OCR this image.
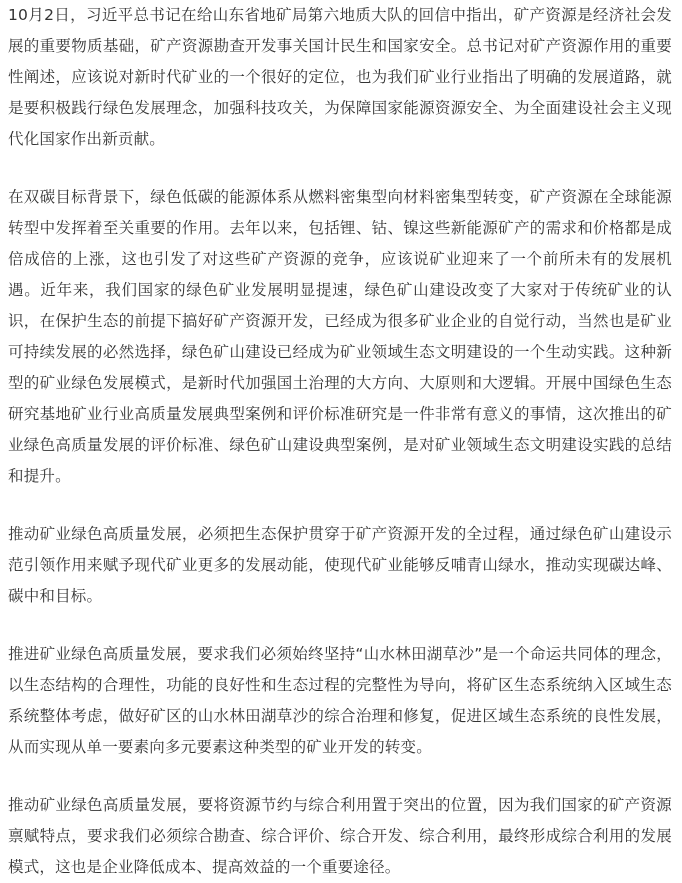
10月2日，习近平总书记在给山东省地矿局第六地质大队的回信中指出，矿产资源是经济社会发展的重要物质基础，矿产资源勘查开发事关国计民生和国家安全。总书记对矿产资源作用的重要性阐述，应该说对新时代矿业的一个很好的定位，也为我们矿业行业指出了明确的发展道路，就是要积极践行绿色发展理念，加强科技攻关，为保障国家能源资源安全、为全面建设社会主义现代化国家作出新贡献。

在双碳目标背景下，绿色低碳的能源体系从燃料密集型向材料密集型转变，矿产资源在全球能源转型中发挥着至关重要的作用。去年以来，包括锂、钴、镍这些新能源矿产的需求和价格都是成倍成倍的上涨，这也引发了对这些矿产资源的竞争，应该说矿业迎来了一个前所未有的发展机遇。近年来，我们国家的绿色矿业发展明显提速，绿色矿山建设改变了大家对于传统矿业的认识，在保护生态的前提下搞好矿产资源开发，已经成为很多矿业企业的自觉行动，当然也是矿业可持续发展的必然选择，绿色矿山建设已经成为矿业领域生态文明建设的一个生动实践。这种新型的矿业绿色发展模式，是新时代加强国土治理的大方向、大原则和大逻辑。开展中国绿色生态研究基地矿业行业高质量发展典型案例和评价标准研究是一件非常有意义的事情，这次推出的矿业绿色高质量发展的评价标准、绿色矿山建设典型案例，是对矿业领域生态文明建设实践的总结和提升。

推动矿业绿色高质量发展，必须把生态保护贯穿于矿产资源开发的全过程，通过绿色矿山建设示范引领作用来赋予现代矿业更多的发展动能，使现代矿业能够反哺青山绿水，推动实现碳达峰、碳中和目标。

推进矿业绿色高质量发展，要求我们必须始终坚持“山水林田湖草沙”是一个命运共同体的理念，以生态结构的合理性，功能的良好性和生态过程的完整性为导向，将矿区生态系统纳入区域生态系统整体考虑，做好矿区的山水林田湖草沙的综合治理和修复，促进区域生态系统的良性发展，从而实现从单一要素向多元要素这种类型的矿业开发的转变。

推动矿业绿色高质量发展，要将资源节约与综合利用置于突出的位置，因为我们国家的矿产资源禀赋特点，要求我们必须综合勘查、综合评价、综合开发、综合利用，最终形成综合利用的发展模式，这也是企业降低成本、提高效益的一个重要途径。
